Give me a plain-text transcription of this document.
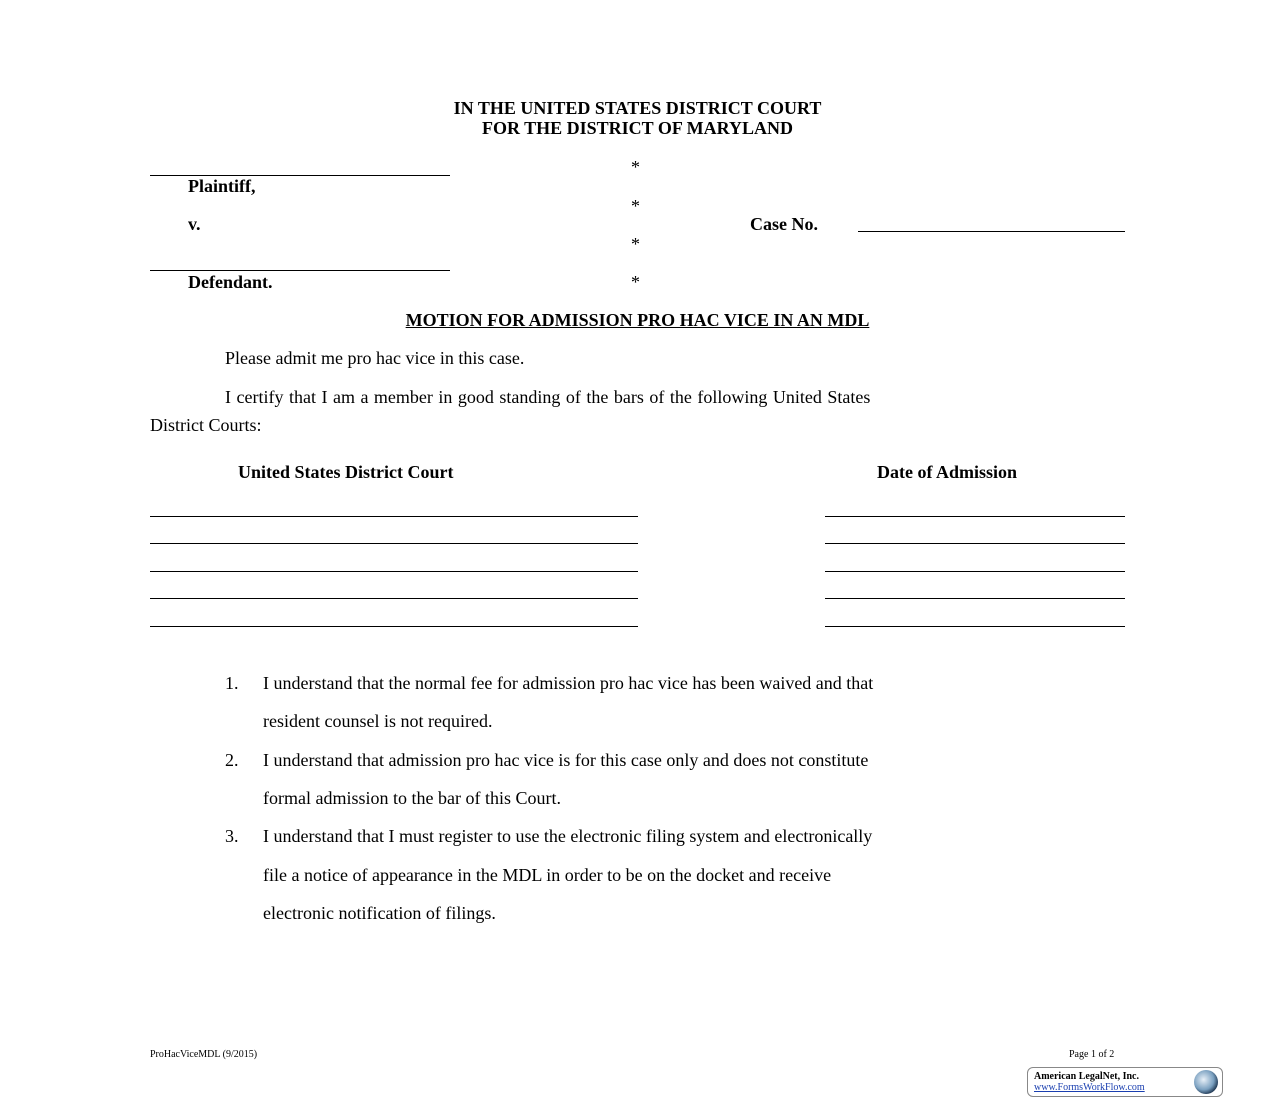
IN THE UNITED STATES DISTRICT COURT
FOR THE DISTRICT OF MARYLAND
Plaintiff,
v.
Defendant.
*
*
*
*
Case No.
MOTION FOR ADMISSION PRO HAC VICE IN AN MDL
Please admit me pro hac vice in this case.
I certify that I am a member in good standing of the bars of the following United States
District Courts:
United States District Court	Date of Admission
1. I understand that the normal fee for admission pro hac vice has been waived and that
resident counsel is not required.
2. I understand that admission pro hac vice is for this case only and does not constitute
formal admission to the bar of this Court.
3. I understand that I must register to use the electronic filing system and electronically
file a notice of appearance in the MDL in order to be on the docket and receive
electronic notification of filings.
ProHacViceMDL (9/2015)	Page 1 of 2
American LegalNet, Inc.
www.FormsWorkFlow.com
